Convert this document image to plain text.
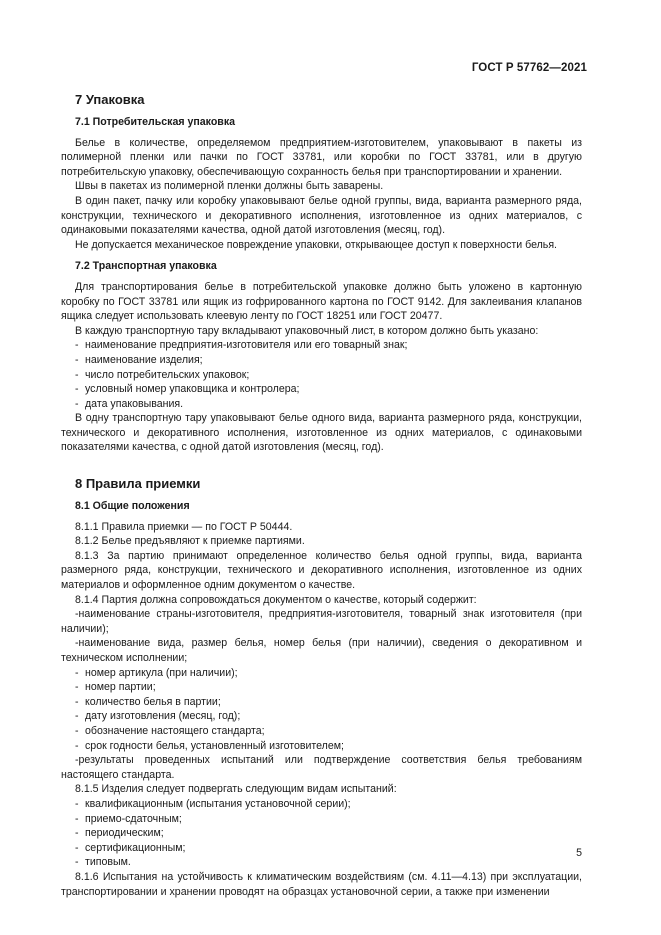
ГОСТ Р 57762—2021

7 Упаковка

7.1 Потребительская упаковка

Белье в количестве, определяемом предприятием-изготовителем, упаковывают в пакеты из полимерной пленки или пачки по ГОСТ 33781, или коробки по ГОСТ 33781, или в другую потребительскую упаковку, обеспечивающую сохранность белья при транспортировании и хранении.

Швы в пакетах из полимерной пленки должны быть заварены.

В один пакет, пачку или коробку упаковывают белье одной группы, вида, варианта размерного ряда, конструкции, технического и декоративного исполнения, изготовленное из одних материалов, с одинаковыми показателями качества, одной датой изготовления (месяц, год).

Не допускается механическое повреждение упаковки, открывающее доступ к поверхности белья.

7.2 Транспортная упаковка

Для транспортирования белье в потребительской упаковке должно быть уложено в картонную коробку по ГОСТ 33781 или ящик из гофрированного картона по ГОСТ 9142. Для заклеивания клапанов ящика следует использовать клеевую ленту по ГОСТ 18251 или ГОСТ 20477.

В каждую транспортную тару вкладывают упаковочный лист, в котором должно быть указано:

- наименование предприятия-изготовителя или его товарный знак;

- наименование изделия;

- число потребительских упаковок;

- условный номер упаковщика и контролера;

- дата упаковывания.

В одну транспортную тару упаковывают белье одного вида, варианта размерного ряда, конструкции, технического и декоративного исполнения, изготовленное из одних материалов, с одинаковыми показателями качества, с одной датой изготовления (месяц, год).

8 Правила приемки

8.1 Общие положения

8.1.1 Правила приемки — по ГОСТ Р 50444.

8.1.2 Белье предъявляют к приемке партиями.

8.1.3 За партию принимают определенное количество белья одной группы, вида, варианта размерного ряда, конструкции, технического и декоративного исполнения, изготовленное из одних материалов и оформленное одним документом о качестве.

8.1.4 Партия должна сопровождаться документом о качестве, который содержит:

-наименование страны-изготовителя, предприятия-изготовителя, товарный знак изготовителя (при наличии);

-наименование вида, размер белья, номер белья (при наличии), сведения о декоративном и техническом исполнении;

- номер артикула (при наличии);

- номер партии;

- количество белья в партии;

- дату изготовления (месяц, год);

- обозначение настоящего стандарта;

- срок годности белья, установленный изготовителем;

-результаты проведенных испытаний или подтверждение соответствия белья требованиям настоящего стандарта.

8.1.5 Изделия следует подвергать следующим видам испытаний:

- квалификационным (испытания установочной серии);

- приемо-сдаточным;

- периодическим;

- сертификационным;

- типовым.

8.1.6 Испытания на устойчивость к климатическим воздействиям (см. 4.11—4.13) при эксплуатации, транспортировании и хранении проводят на образцах установочной серии, а также при изменении

5
